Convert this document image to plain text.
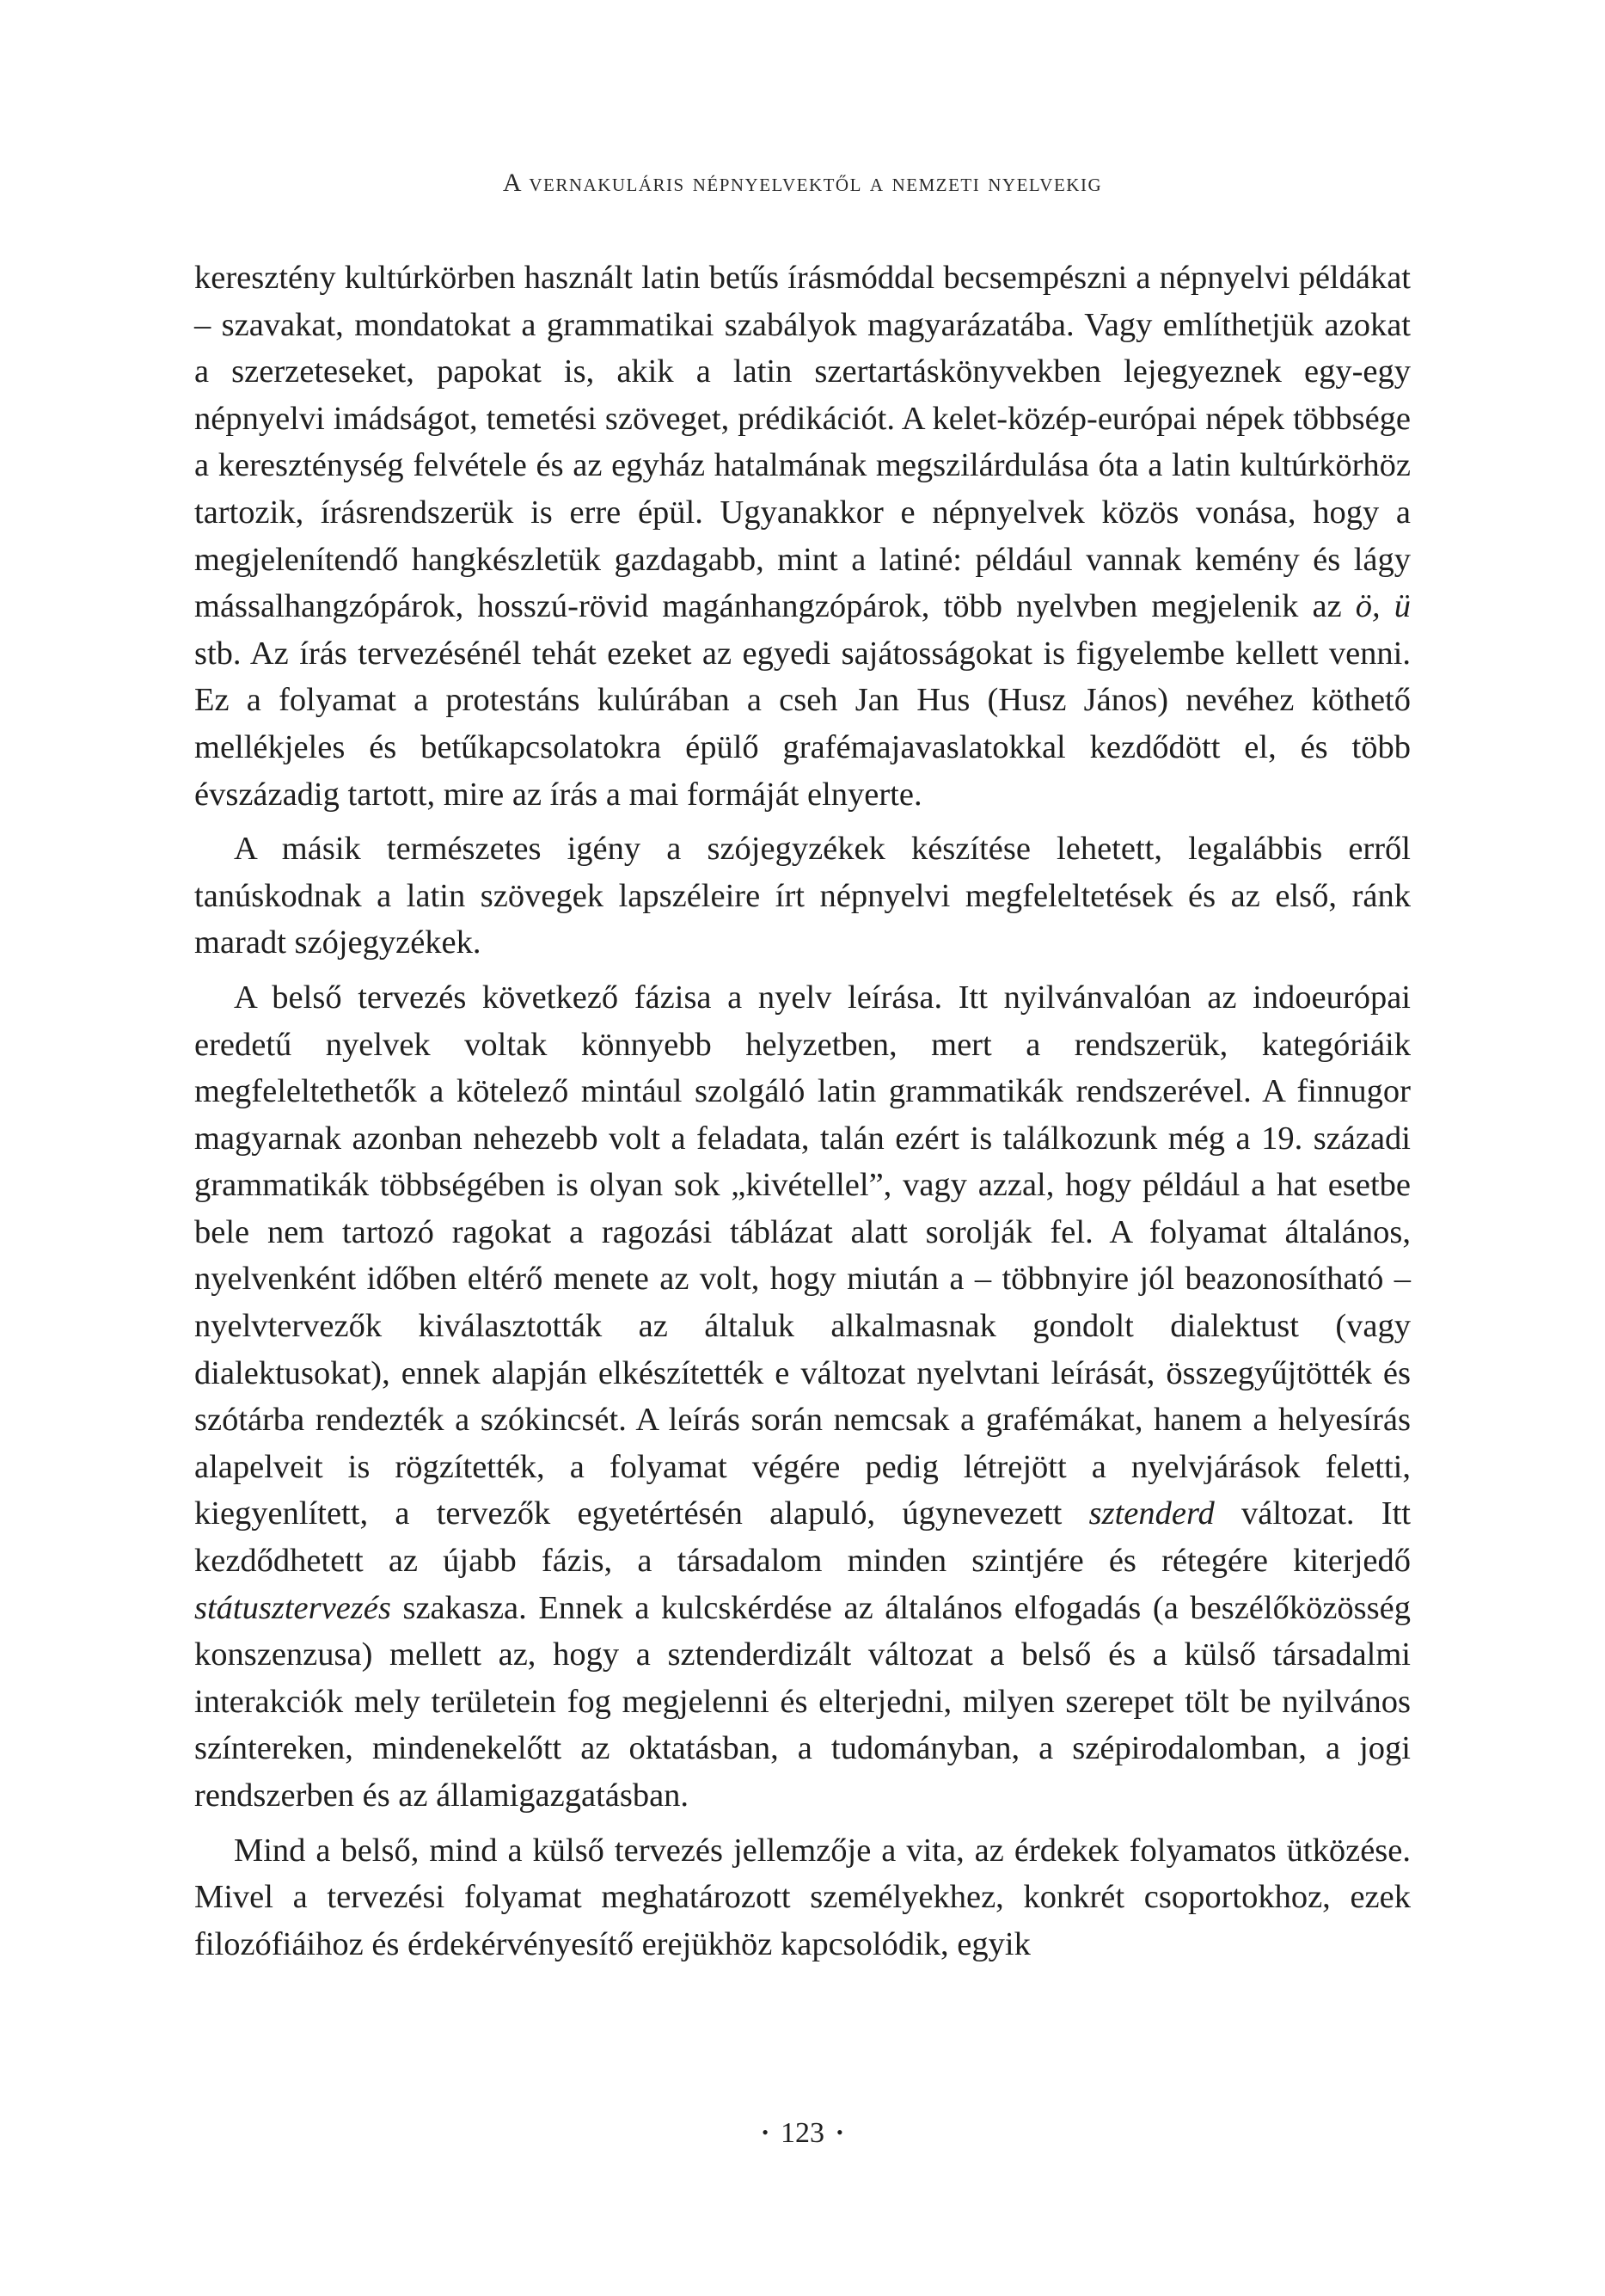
A vernakuláris népnyelvektől a nemzeti nyelvekig

keresztény kultúrkörben használt latin betűs írásmóddal becsempészni a népnyelvi példákat – szavakat, mondatokat a grammatikai szabályok magyarázatába. Vagy említhetjük azokat a szerzeteseket, papokat is, akik a latin szertartáskönyvekben lejegyeznek egy-egy népnyelvi imádságot, temetési szöveget, prédikációt. A kelet-közép-európai népek többsége a kereszténység felvétele és az egyház hatalmának megszilárdulása óta a latin kultúrkörhöz tartozik, írásrendszerük is erre épül. Ugyanakkor e népnyelvek közös vonása, hogy a megjelenítendő hangkészletük gazdagabb, mint a latiné: például vannak kemény és lágy mássalhangzópárok, hosszú-rövid magánhangzópárok, több nyelvben megjelenik az ö, ü stb. Az írás tervezésénél tehát ezeket az egyedi sajátosságokat is figyelembe kellett venni. Ez a folyamat a protestáns kulúrában a cseh Jan Hus (Husz János) nevéhez köthető mellékjeles és betűkapcsolatokra épülő grafémajavaslatokkal kezdődött el, és több évszázadig tartott, mire az írás a mai formáját elnyerte.

A másik természetes igény a szójegyzékek készítése lehetett, legalábbis erről tanúskodnak a latin szövegek lapszéleire írt népnyelvi megfeleltetések és az első, ránk maradt szójegyzékek.

A belső tervezés következő fázisa a nyelv leírása. Itt nyilvánvalóan az indoeurópai eredetű nyelvek voltak könnyebb helyzetben, mert a rendszerük, kategóriáik megfeleltethetők a kötelező mintául szolgáló latin grammatikák rendszerével. A finnugor magyarnak azonban nehezebb volt a feladata, talán ezért is találkozunk még a 19. századi grammatikák többségében is olyan sok „kivétellel”, vagy azzal, hogy például a hat esetbe bele nem tartozó ragokat a ragozási táblázat alatt sorolják fel. A folyamat általános, nyelvenként időben eltérő menete az volt, hogy miután a – többnyire jól beazonosítható – nyelvtervezők kiválasztották az általuk alkalmasnak gondolt dialektust (vagy dialektusokat), ennek alapján elkészítették e változat nyelvtani leírását, összegyűjtötték és szótárba rendezték a szókincsét. A leírás során nemcsak a grafémákat, hanem a helyesírás alapelveit is rögzítették, a folyamat végére pedig létrejött a nyelvjárások feletti, kiegyenlített, a tervezők egyetértésén alapuló, úgynevezett sztenderd változat. Itt kezdődhetett az újabb fázis, a társadalom minden szintjére és rétegére kiterjedő státusztervezés szakasza. Ennek a kulcskérdése az általános elfogadás (a beszélőközösség konszenzusa) mellett az, hogy a sztenderdizált változat a belső és a külső társadalmi interakciók mely területein fog megjelenni és elterjedni, milyen szerepet tölt be nyilvános színtereken, mindenekelőtt az oktatásban, a tudományban, a szépirodalomban, a jogi rendszerben és az államigazgatásban.

Mind a belső, mind a külső tervezés jellemzője a vita, az érdekek folyamatos ütközése. Mivel a tervezési folyamat meghatározott személyekhez, konkrét csoportokhoz, ezek filozófiáihoz és érdekérvényesítő erejükhöz kapcsolódik, egyik

• 123 •
